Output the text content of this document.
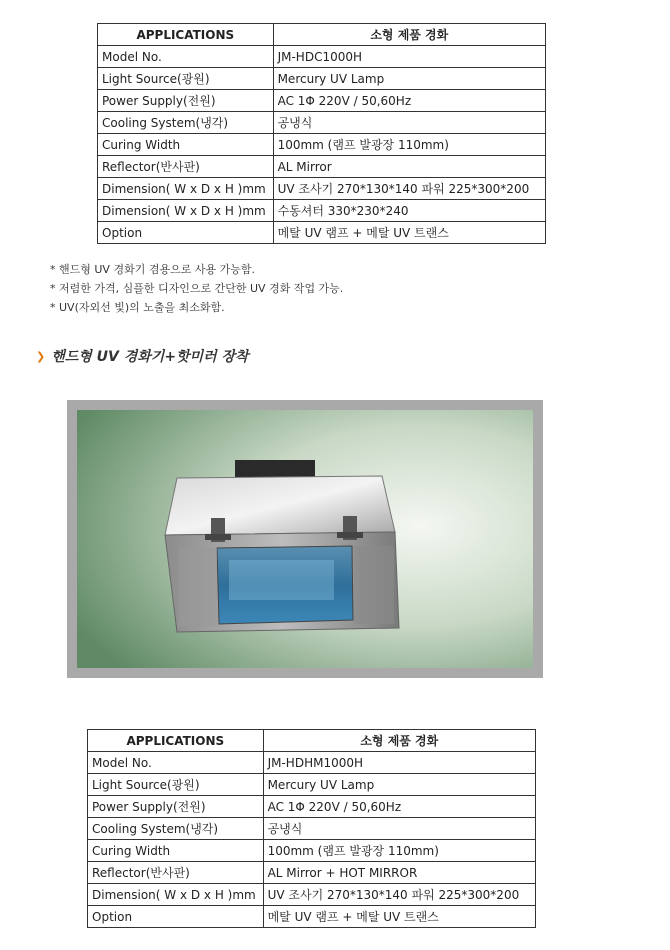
APPLICATIONS	소형 제품 경화
Model No.	JM-HDC1000H
Light Source(광원)	Mercury UV Lamp
Power Supply(전원)	AC 1Φ 220V / 50,60Hz
Cooling System(냉각)	공냉식
Curing Width	100mm (램프 발광장 110mm)
Reflector(반사판)	AL Mirror
Dimension( W x D x H )mm	UV 조사기 270*130*140 파워 225*300*200
Dimension( W x D x H )mm	수동셔터 330*230*240
Option	메탈 UV 램프 + 메탈 UV 트랜스
* 핸드형 UV 경화기 겸용으로 사용 가능함.
* 저렴한 가격, 심플한 디자인으로 간단한 UV 경화 작업 가능.
* UV(자외선 빛)의 노출을 최소화함.
❯ 핸드형 UV 경화기+핫미러 장착
APPLICATIONS	소형 제품 경화
Model No.	JM-HDHM1000H
Light Source(광원)	Mercury UV Lamp
Power Supply(전원)	AC 1Φ 220V / 50,60Hz
Cooling System(냉각)	공냉식
Curing Width	100mm (램프 발광장 110mm)
Reflector(반사판)	AL Mirror + HOT MIRROR
Dimension( W x D x H )mm	UV 조사기 270*130*140 파워 225*300*200
Option	메탈 UV 램프 + 메탈 UV 트랜스
